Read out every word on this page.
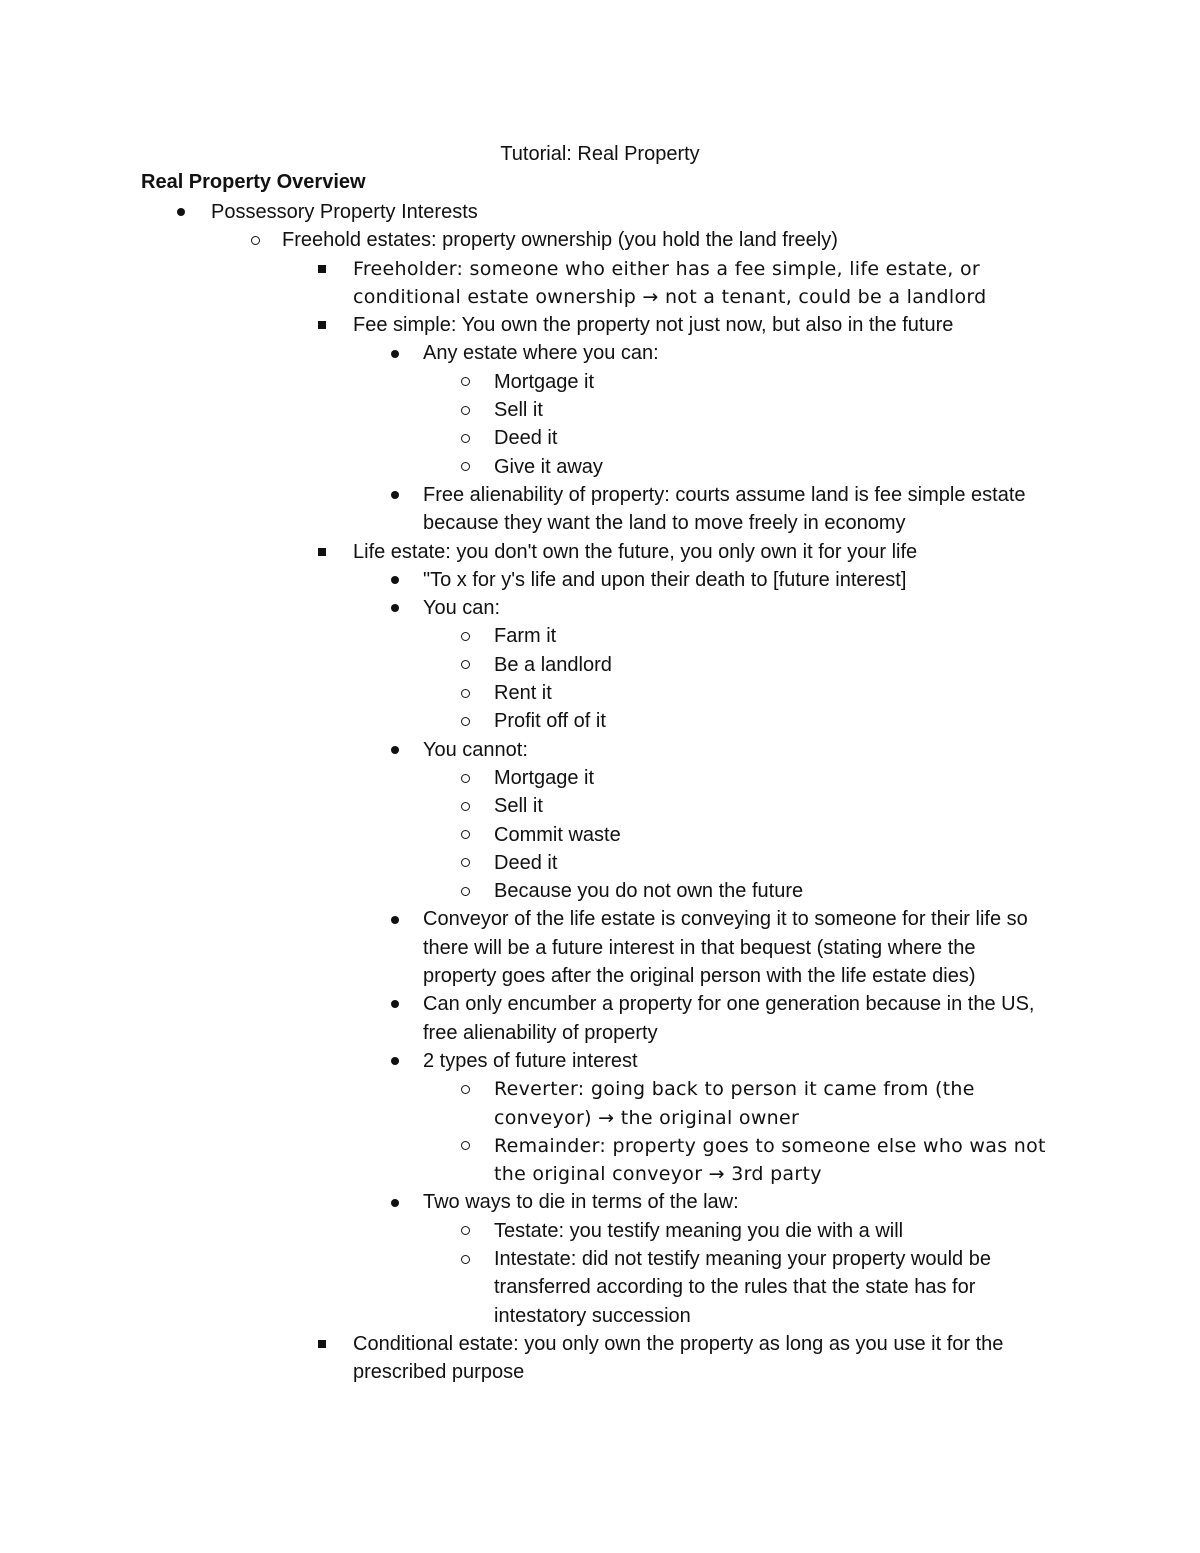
Tutorial: Real Property
Real Property Overview
Possessory Property Interests
Freehold estates: property ownership (you hold the land freely)
Freeholder: someone who either has a fee simple, life estate, or conditional estate ownership → not a tenant, could be a landlord
Fee simple: You own the property not just now, but also in the future
Any estate where you can:
Mortgage it
Sell it
Deed it
Give it away
Free alienability of property: courts assume land is fee simple estate because they want the land to move freely in economy
Life estate: you don't own the future, you only own it for your life
"To x for y's life and upon their death to [future interest]
You can:
Farm it
Be a landlord
Rent it
Profit off of it
You cannot:
Mortgage it
Sell it
Commit waste
Deed it
Because you do not own the future
Conveyor of the life estate is conveying it to someone for their life so there will be a future interest in that bequest (stating where the property goes after the original person with the life estate dies)
Can only encumber a property for one generation because in the US, free alienability of property
2 types of future interest
Reverter: going back to person it came from (the conveyor) → the original owner
Remainder: property goes to someone else who was not the original conveyor → 3rd party
Two ways to die in terms of the law:
Testate: you testify meaning you die with a will
Intestate: did not testify meaning your property would be transferred according to the rules that the state has for intestatory succession
Conditional estate: you only own the property as long as you use it for the prescribed purpose
